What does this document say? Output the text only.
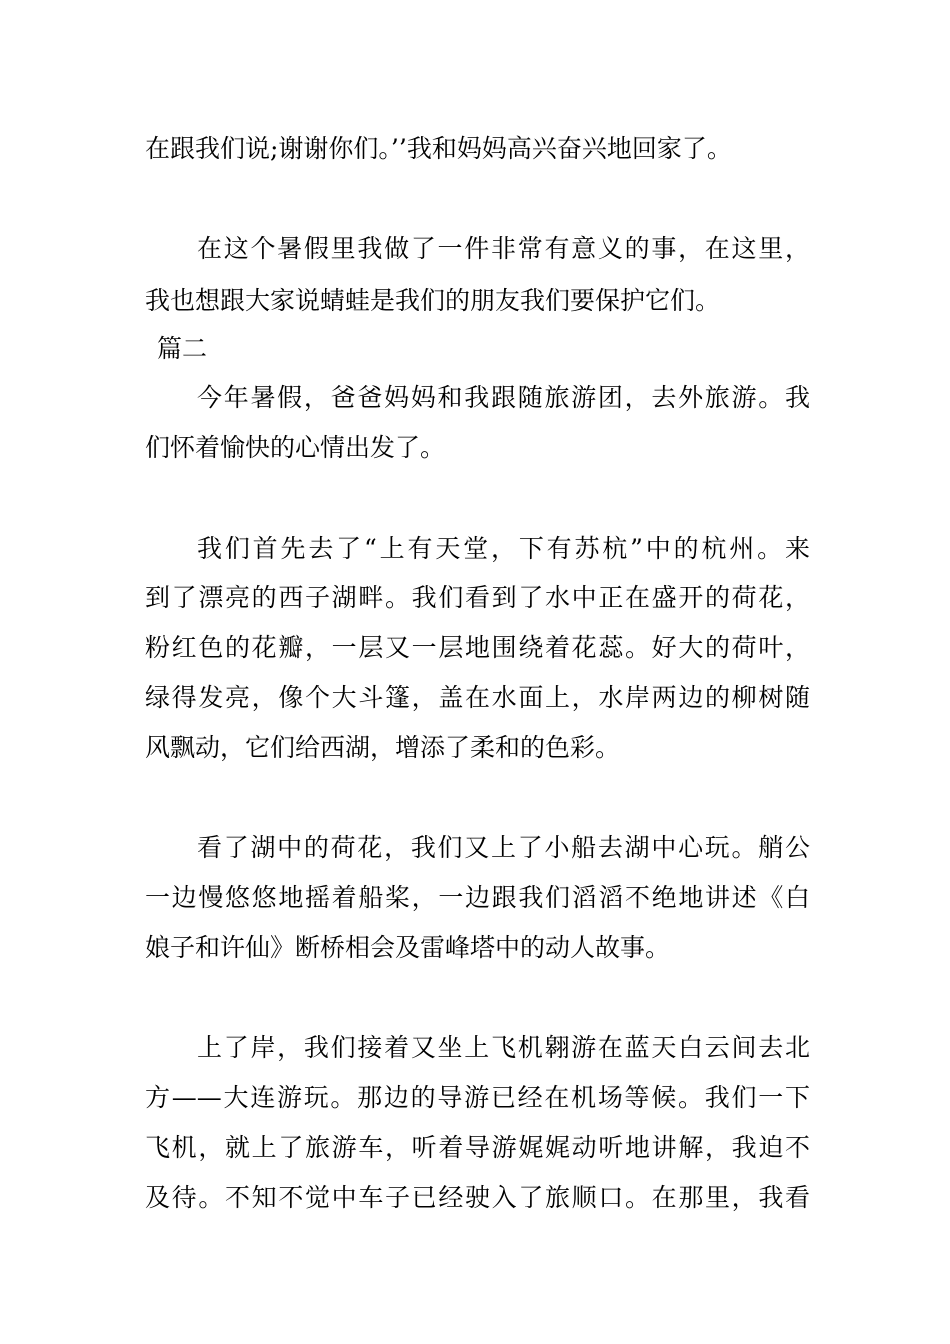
在跟我们说;谢谢你们。’’我和妈妈高兴奋兴地回家了。
在这个暑假里我做了一件非常有意义的事，在这里，
我也想跟大家说蜻蛙是我们的朋友我们要保护它们。
篇二
今年暑假，爸爸妈妈和我跟随旅游团，去外旅游。我
们怀着愉快的心情出发了。
我们首先去了“上有天堂，下有苏杭”中的杭州。来
到了漂亮的西子湖畔。我们看到了水中正在盛开的荷花，
粉红色的花瓣，一层又一层地围绕着花蕊。好大的荷叶，
绿得发亮，像个大斗篷，盖在水面上，水岸两边的柳树随
风飘动，它们给西湖，增添了柔和的色彩。
看了湖中的荷花，我们又上了小船去湖中心玩。艄公
一边慢悠悠地摇着船桨，一边跟我们滔滔不绝地讲述《白
娘子和许仙》断桥相会及雷峰塔中的动人故事。
上了岸，我们接着又坐上飞机翱游在蓝天白云间去北
方——大连游玩。那边的导游已经在机场等候。我们一下
飞机，就上了旅游车，听着导游娓娓动听地讲解，我迫不
及待。不知不觉中车子已经驶入了旅顺口。在那里，我看
